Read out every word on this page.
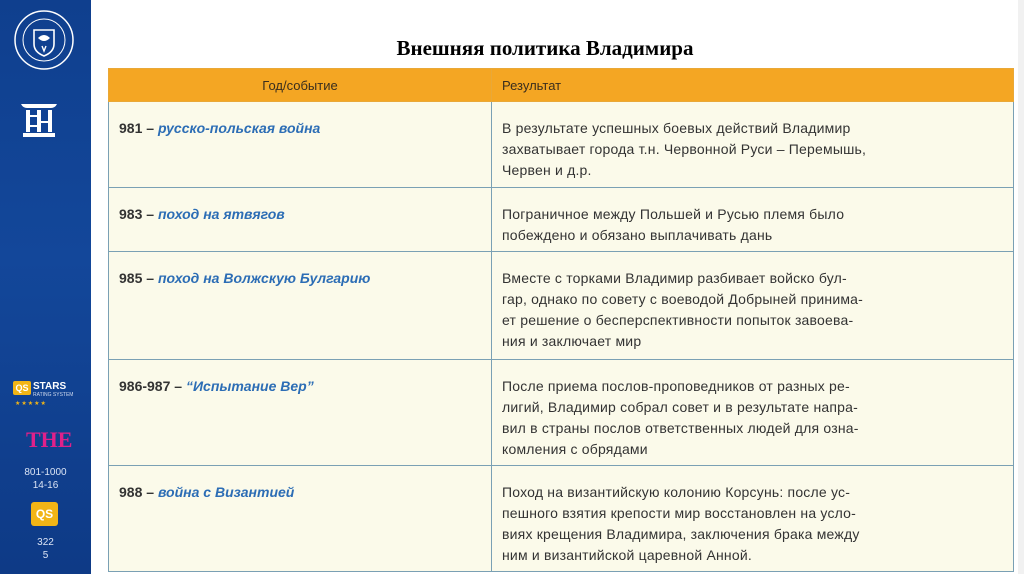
QS STARS
RATING SYSTEM
★★★★★
THE
801-1000
14-16
QS
322
5
Внешняя политика Владимира
Год/событие	Результат
981 – русско-польская война	В результате успешных боевых действий Владимир
захватывает города т.н. Червонной Руси – Перемышь,
Червен и д.р.

983 – поход на ятвягов	Пограничное между Польшей и Русью племя было
побеждено и обязано выплачивать дань

985 – поход на Волжскую Булгарию	Вместе с торками Владимир разбивает войско бул-
гар, однако по совету с воеводой Добрыней принима-
ет решение о бесперспективности попыток завоева-
ния и заключает мир

986-987 – “Испытание Вер”	После приема послов-проповедников от разных ре-
лигий, Владимир собрал совет и в результате напра-
вил в страны послов ответственных людей для озна-
комления с обрядами

988 – война с Византией	Поход на византийскую колонию Корсунь: после ус-
пешного взятия крепости мир восстановлен на усло-
виях крещения Владимира, заключения брака между
ним и византийской царевной Анной.
